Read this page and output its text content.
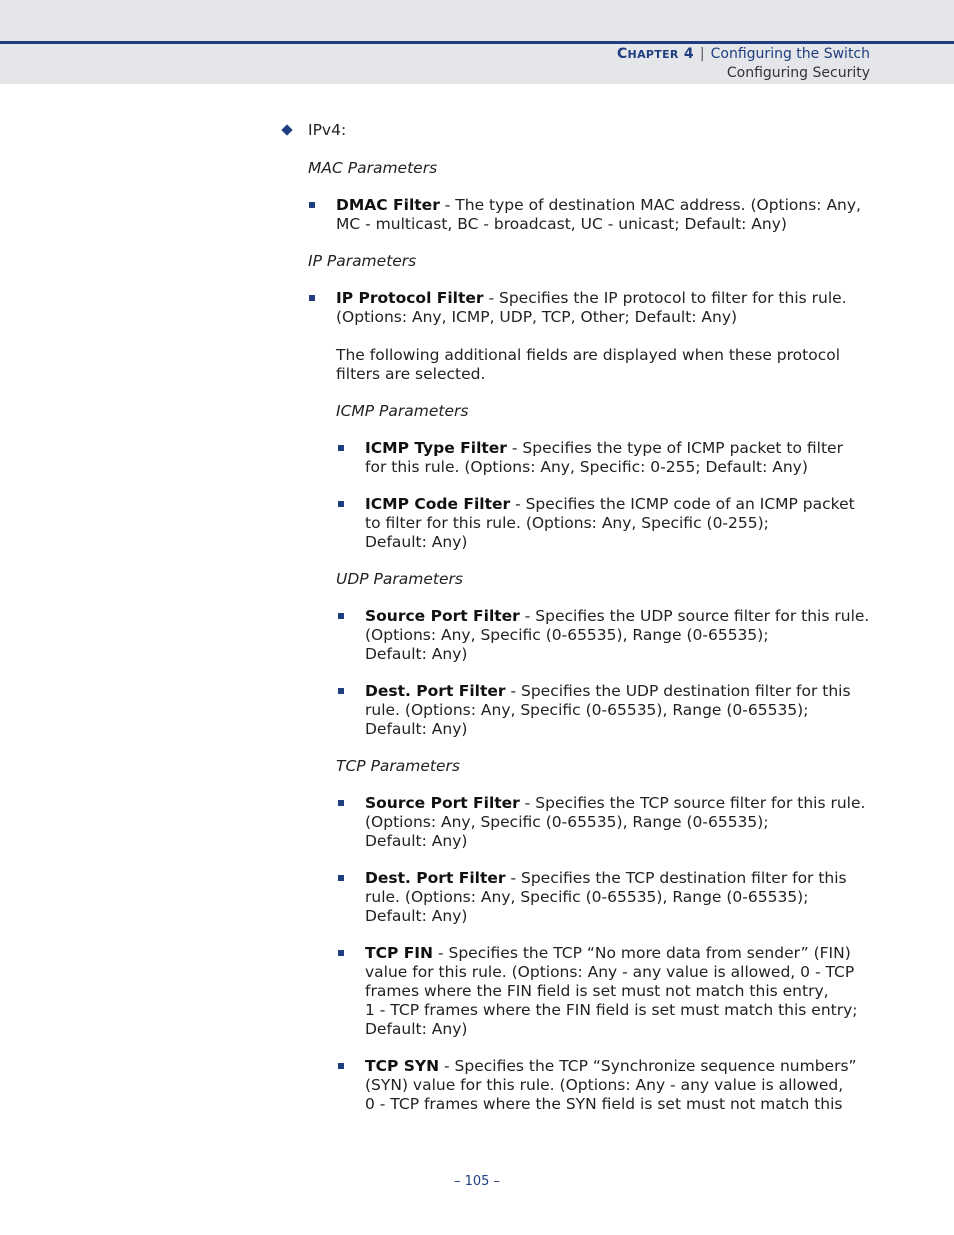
CHAPTER 4 | Configuring the Switch
Configuring Security

IPv4:

MAC Parameters

DMAC Filter - The type of destination MAC address. (Options: Any,
MC - multicast, BC - broadcast, UC - unicast; Default: Any)

IP Parameters

IP Protocol Filter - Specifies the IP protocol to filter for this rule.
(Options: Any, ICMP, UDP, TCP, Other; Default: Any)
The following additional fields are displayed when these protocol
filters are selected.

ICMP Parameters

ICMP Type Filter - Specifies the type of ICMP packet to filter
for this rule. (Options: Any, Specific: 0-255; Default: Any)
ICMP Code Filter - Specifies the ICMP code of an ICMP packet
to filter for this rule. (Options: Any, Specific (0-255);
Default: Any)

UDP Parameters

Source Port Filter - Specifies the UDP source filter for this rule.
(Options: Any, Specific (0-65535), Range (0-65535);
Default: Any)
Dest. Port Filter - Specifies the UDP destination filter for this
rule. (Options: Any, Specific (0-65535), Range (0-65535);
Default: Any)

TCP Parameters

Source Port Filter - Specifies the TCP source filter for this rule.
(Options: Any, Specific (0-65535), Range (0-65535);
Default: Any)
Dest. Port Filter - Specifies the TCP destination filter for this
rule. (Options: Any, Specific (0-65535), Range (0-65535);
Default: Any)
TCP FIN - Specifies the TCP “No more data from sender” (FIN)
value for this rule. (Options: Any - any value is allowed, 0 - TCP
frames where the FIN field is set must not match this entry,
1 - TCP frames where the FIN field is set must match this entry;
Default: Any)
TCP SYN - Specifies the TCP “Synchronize sequence numbers”
(SYN) value for this rule. (Options: Any - any value is allowed,
0 - TCP frames where the SYN field is set must not match this
– 105 –
